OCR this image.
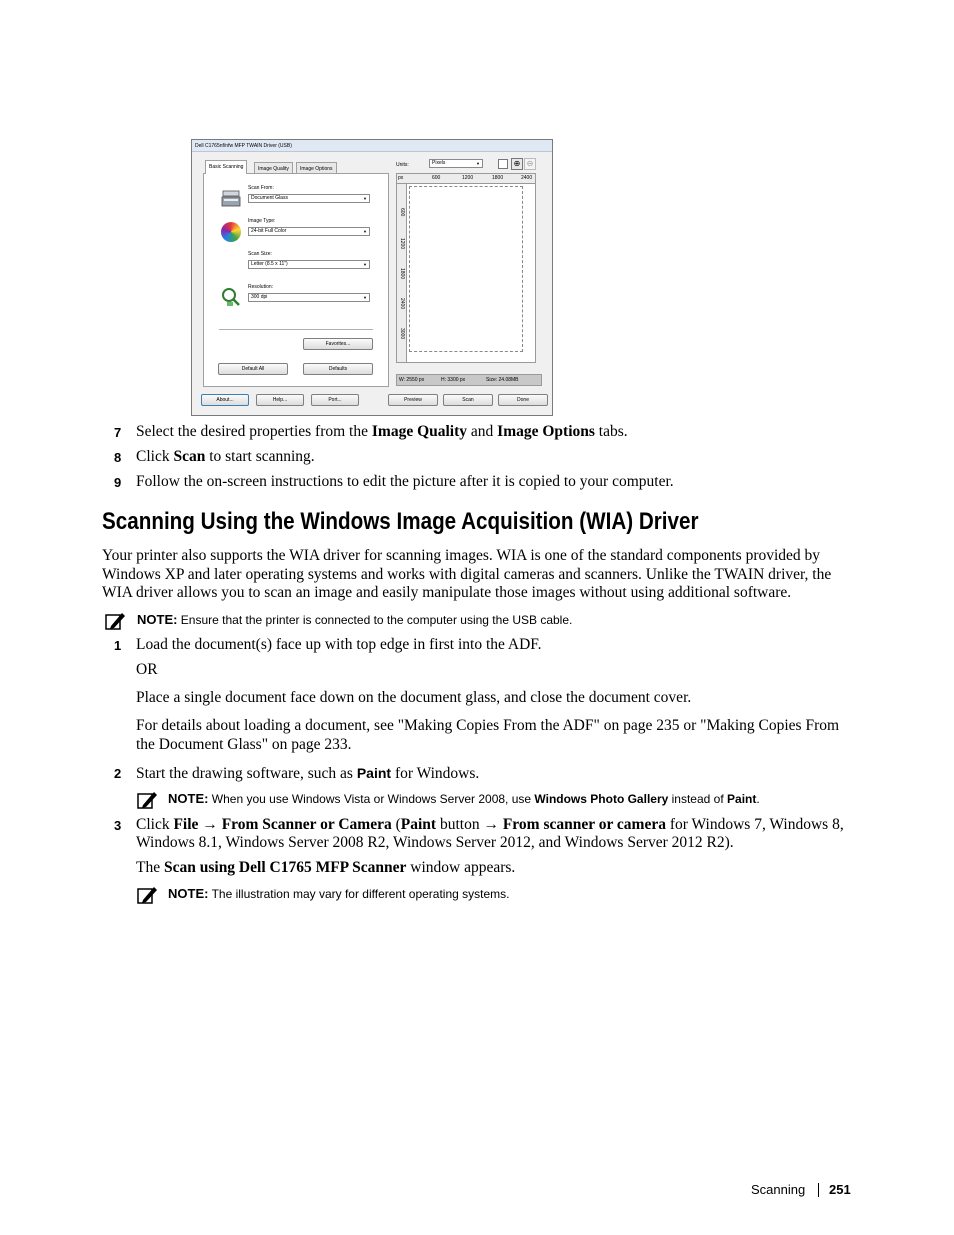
Dell C1765nf/nfw MFP TWAIN Driver (USB)
Basic Scanning	Image Quality	Image Options
Scan From:
Document Glass ▼
Image Type:
24-bit Full Color ▼
Scan Size:
Letter (8.5 x 11") ▼
Resolution:
300 dpi ▼
Favorites...
Default All	Defaults
Units:	Pixels ▼	⊕ ⊖
px	600	1200	1800	2400
600
1200
1800
2400
3000
W: 2550 px	H: 3300 px	Size: 24.08MB
About...	Help...	Port...	Preview	Scan	Done
7 Select the desired properties from the Image Quality and Image Options tabs.
8 Click Scan to start scanning.
9 Follow the on-screen instructions to edit the picture after it is copied to your computer.
Scanning Using the Windows Image Acquisition (WIA) Driver
Your printer also supports the WIA driver for scanning images. WIA is one of the standard components provided by Windows XP and later operating systems and works with digital cameras and scanners. Unlike the TWAIN driver, the WIA driver allows you to scan an image and easily manipulate those images without using additional software.
NOTE: Ensure that the printer is connected to the computer using the USB cable.
1 Load the document(s) face up with top edge in first into the ADF.
OR
Place a single document face down on the document glass, and close the document cover.
For details about loading a document, see "Making Copies From the ADF" on page 235 or "Making Copies From the Document Glass" on page 233.
2 Start the drawing software, such as Paint for Windows.
NOTE: When you use Windows Vista or Windows Server 2008, use Windows Photo Gallery instead of Paint.
3 Click File → From Scanner or Camera (Paint button → From scanner or camera for Windows 7, Windows 8,
Windows 8.1, Windows Server 2008 R2, Windows Server 2012, and Windows Server 2012 R2).
The Scan using Dell C1765 MFP Scanner window appears.
NOTE: The illustration may vary for different operating systems.
Scanning 251
